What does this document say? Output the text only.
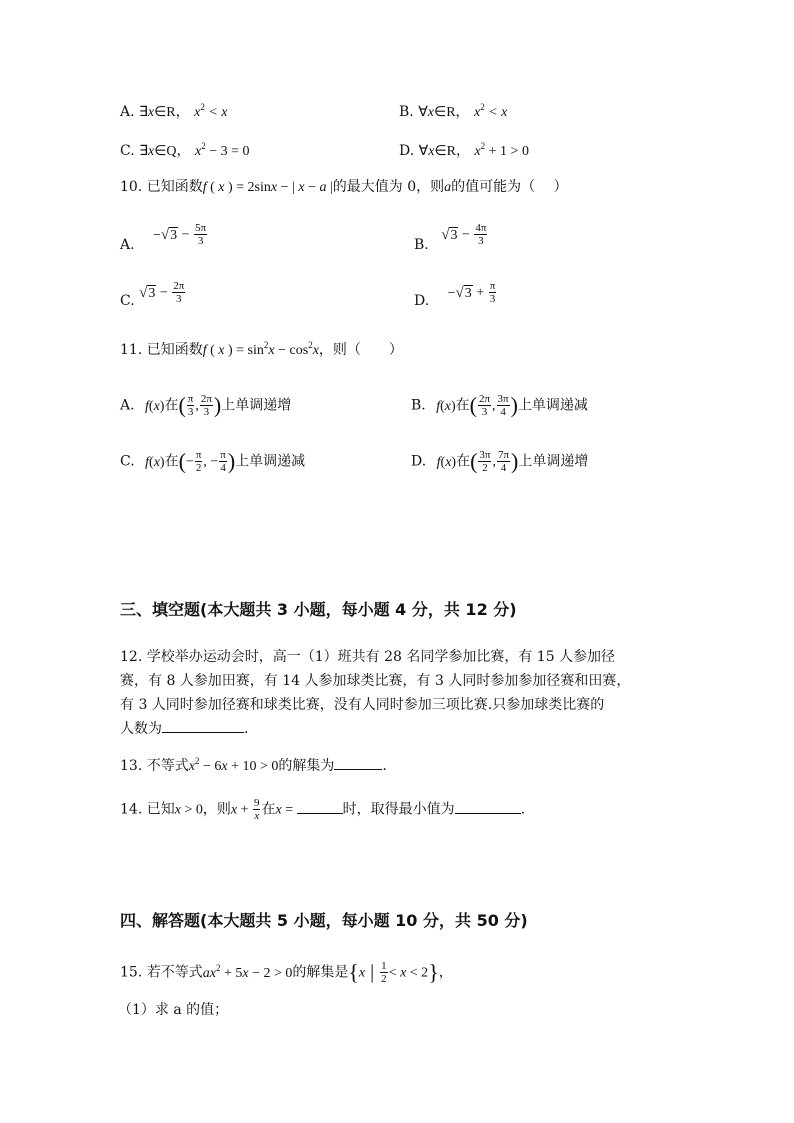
A. ∃x∈R， $x^2 < x$	B. ∀x∈R， $x^2 < x$
C. ∃x∈Q， $x^2 - 3 = 0$	D. ∀x∈R， $x^2 + 1 > 0$
10. 已知函数f ( x ) = 2sinx − | x − a |的最大值为 0，则a的值可能为（　 ）
A. $-√3 - \frac{5\pi}{3}$	B. $√3 - \frac{4\pi}{3}$
C. $√3 - \frac{2\pi}{3}$	D. $-√3 + \frac{\pi}{3}$
11. 已知函数f ( x ) = $\sin^2x - \cos^2x$，则（　　）
A. f(x)在( $\frac{\pi}{3}$ , $\frac{2\pi}{3}$ )上单调递增	B. f(x)在( $\frac{2\pi}{3}$ , $\frac{3\pi}{4}$ )上单调递减
C. f(x)在(− $\frac{\pi}{2}$ , − $\frac{\pi}{4}$ )上单调递减	D. f(x)在( $\frac{3\pi}{2}$ , $\frac{7\pi}{4}$ )上单调递增
三、填空题(本大题共 3 小题，每小题 4 分，共 12 分)
12. 学校举办运动会时，高一（1）班共有 28 名同学参加比赛，有 15 人参加径
赛，有 8 人参加田赛，有 14 人参加球类比赛，有 3 人同时参加参加径赛和田赛，
有 3 人同时参加径赛和球类比赛，没有人同时参加三项比赛.只参加球类比赛的
人数为	.
13. 不等式$x^2 - 6x + 10 > 0$的解集为	.
14. 已知x > 0，则$x + \frac{9}{x}$ 在x =	时，取得最小值为	.
四、解答题(本大题共 5 小题，每小题 10 分，共 50 分)
15. 若不等式$ax^2 + 5x - 2 > 0$的解集是{x | $\frac{1}{2} < x < 2$}，
（1）求 a 的值；
